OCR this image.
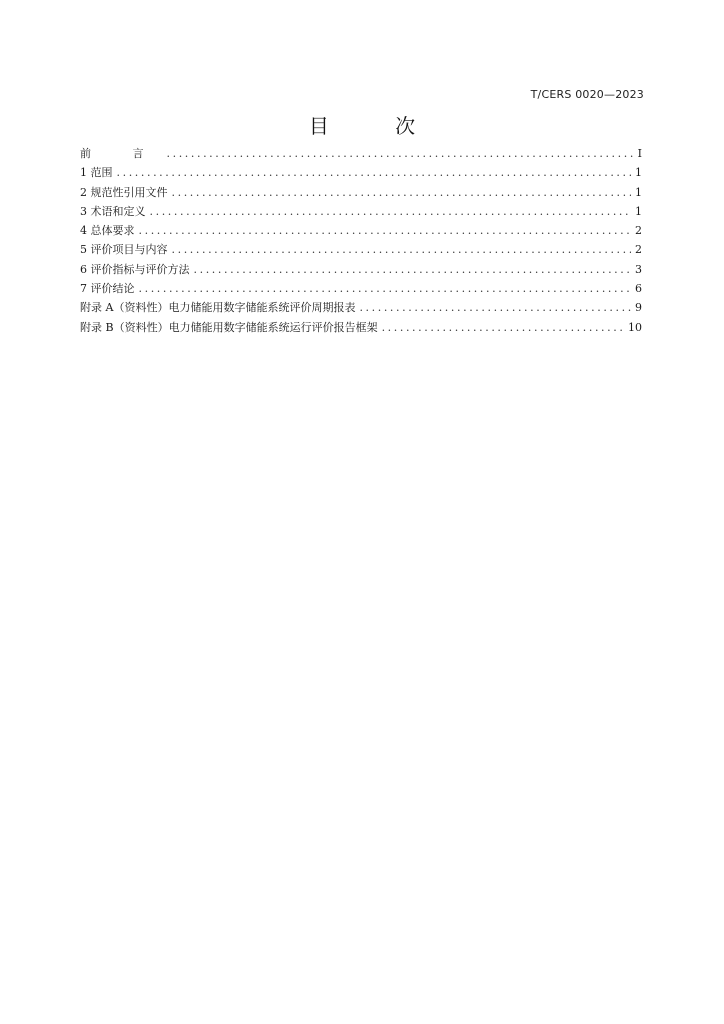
T/CERS 0020—2023
目 次
前 言 .....	I
1 范围 .....	1
2 规范性引用文件 .....	1
3 术语和定义 .....	1
4 总体要求 .....	2
5 评价项目与内容 .....	2
6 评价指标与评价方法 .....	3
7 评价结论 .....	6
附录 A（资料性）电力储能用数字储能系统评价周期报表 .....	9
附录 B（资料性）电力储能用数字储能系统运行评价报告框架 .....	10
